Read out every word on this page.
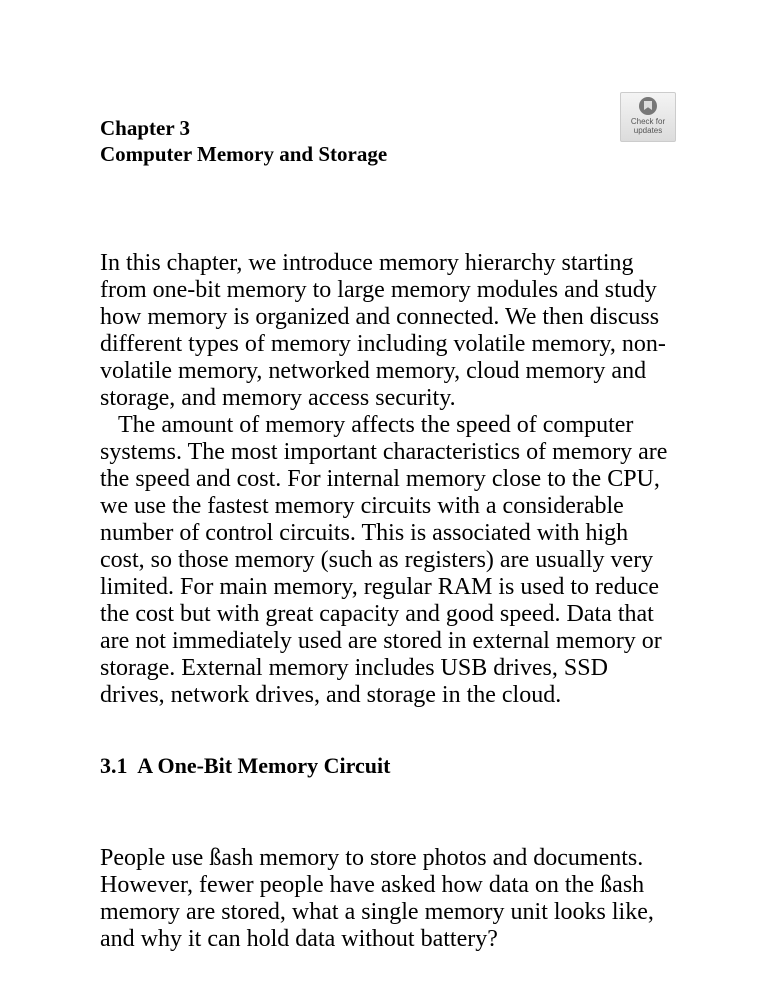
Chapter 3
Computer Memory and Storage
Check for updates
In this chapter, we introduce memory hierarchy starting
from one-bit memory to large memory modules and study
how memory is organized and connected. We then discuss
different types of memory including volatile memory, non-
volatile memory, networked memory, cloud memory and
storage, and memory access security.
The amount of memory affects the speed of computer
systems. The most important characteristics of memory are
the speed and cost. For internal memory close to the CPU,
we use the fastest memory circuits with a considerable
number of control circuits. This is associated with high
cost, so those memory (such as registers) are usually very
limited. For main memory, regular RAM is used to reduce
the cost but with great capacity and good speed. Data that
are not immediately used are stored in external memory or
storage. External memory includes USB drives, SSD
drives, network drives, and storage in the cloud.
3.1 A One-Bit Memory Circuit
People use ßash memory to store photos and documents.
However, fewer people have asked how data on the ßash
memory are stored, what a single memory unit looks like,
and why it can hold data without battery?
